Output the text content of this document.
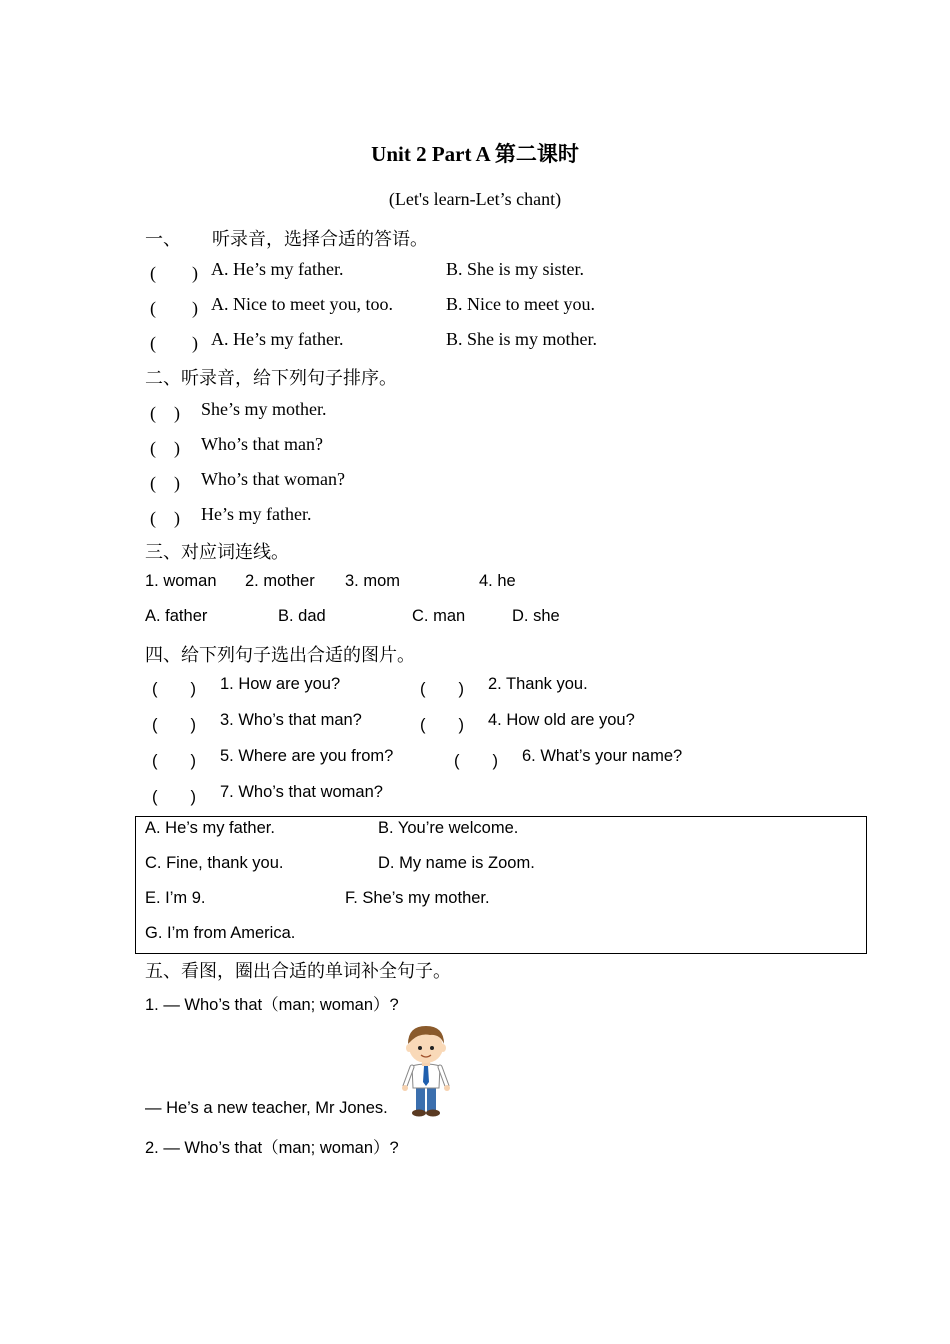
Unit 2 Part A 第二课时
(Let's learn-Let’s chant)
一、 听录音，选择合适的答语。
(　　) A. He’s my father.	B. She is my sister.
(　　) A. Nice to meet you, too.	B. Nice to meet you.
(　　) A. He’s my father.	B. She is my mother.
二、听录音，给下列句子排序。
(　) She’s my mother.
(　) Who’s that man?
(　) Who’s that woman?
(　) He’s my father.
三、对应词连线。
1. woman 2. mother 3. mom	4. he
A. father	B. dad	C. man	D. she
四、给下列句子选出合适的图片。
(　　) 1. How are you?	(　　) 2. Thank you.
(　　) 3. Who’s that man?	(　　) 4. How old are you?
(　　) 5. Where are you from?	(　　) 6. What’s your name?
(　　) 7. Who’s that woman?
A. He’s my father.	B. You’re welcome.
C. Fine, thank you.	D. My name is Zoom.
E. I’m 9.	F. She’s my mother.
G. I’m from America.
五、看图，圈出合适的单词补全句子。
1. — Who’s that（man; woman）?
— He’s a new teacher, Mr Jones.
2. — Who’s that（man; woman）?
